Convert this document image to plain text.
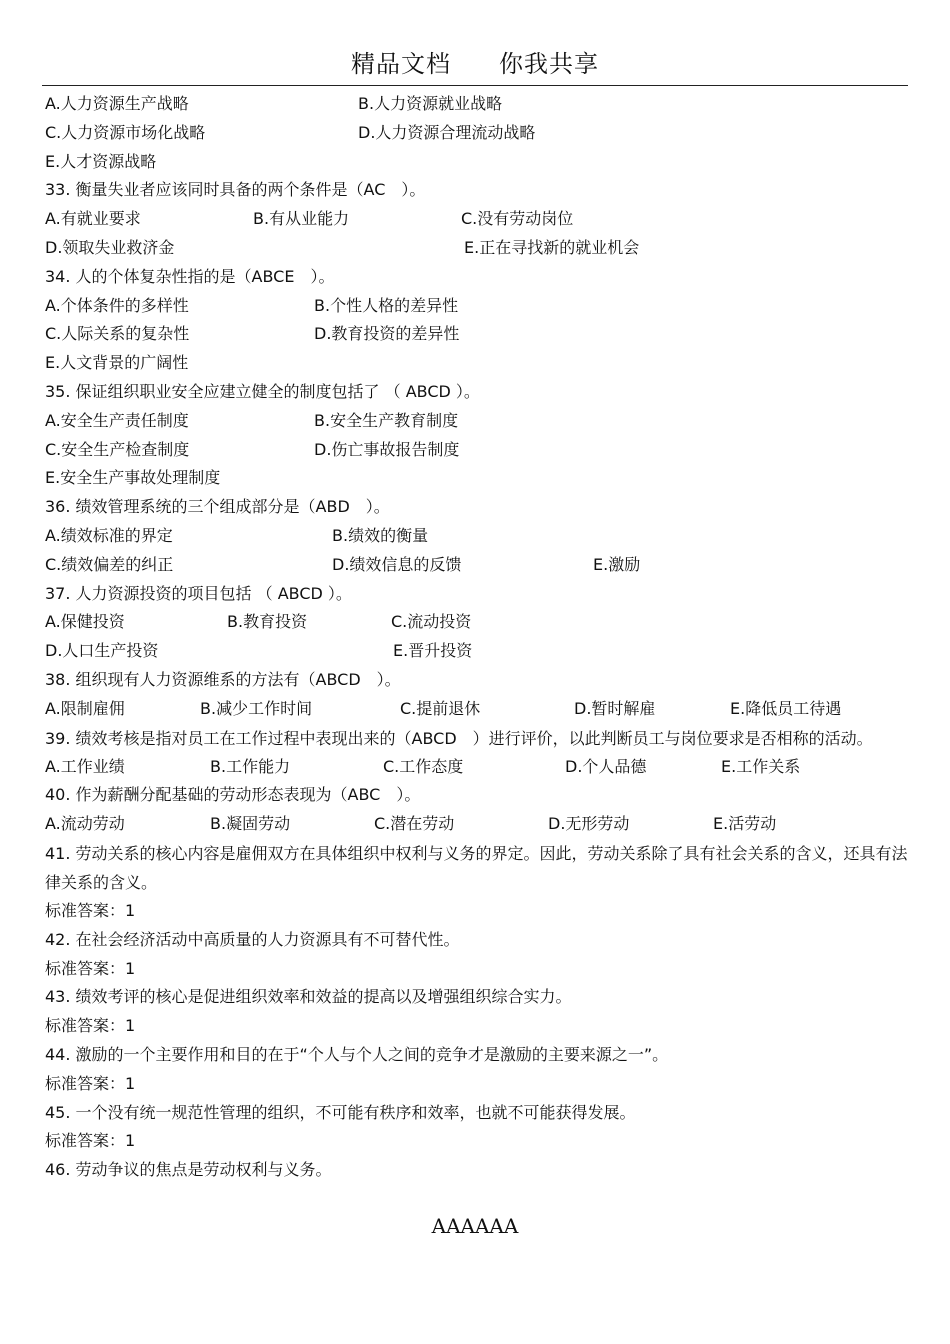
精品文档 你我共享
A.人力资源生产战略	B.人力资源就业战略
C.人力资源市场化战略	D.人力资源合理流动战略
E.人才资源战略
33. 衡量失业者应该同时具备的两个条件是（AC　）。
A.有就业要求	B.有从业能力	C.没有劳动岗位
D.领取失业救济金	E.正在寻找新的就业机会
34. 人的个体复杂性指的是（ABCE　）。
A.个体条件的多样性	B.个性人格的差异性
C.人际关系的复杂性	D.教育投资的差异性
E.人文背景的广阔性
35. 保证组织职业安全应建立健全的制度包括了 （ ABCD ）。
A.安全生产责任制度	B.安全生产教育制度
C.安全生产检查制度	D.伤亡事故报告制度
E.安全生产事故处理制度
36. 绩效管理系统的三个组成部分是（ABD　）。
A.绩效标准的界定	B.绩效的衡量
C.绩效偏差的纠正	D.绩效信息的反馈	E.激励
37. 人力资源投资的项目包括 （ ABCD ）。
A.保健投资	B.教育投资	C.流动投资
D.人口生产投资	E.晋升投资
38. 组织现有人力资源维系的方法有（ABCD　）。
A.限制雇佣	B.减少工作时间	C.提前退休	D.暂时解雇	E.降低员工待遇
39. 绩效考核是指对员工在工作过程中表现出来的（ABCD　）进行评价，以此判断员工与岗位要求是否相称的活动。
A.工作业绩	B.工作能力	C.工作态度	D.个人品德	E.工作关系
40. 作为薪酬分配基础的劳动形态表现为（ABC　）。
A.流动劳动	B.凝固劳动	C.潜在劳动	D.无形劳动	E.活劳动
41. 劳动关系的核心内容是雇佣双方在具体组织中权利与义务的界定。因此，劳动关系除了具有社会关系的含义，还具有法律关系的含义。
标准答案：1
42. 在社会经济活动中高质量的人力资源具有不可替代性。
标准答案：1
43. 绩效考评的核心是促进组织效率和效益的提高以及增强组织综合实力。
标准答案：1
44. 激励的一个主要作用和目的在于“个人与个人之间的竞争才是激励的主要来源之一”。
标准答案：1
45. 一个没有统一规范性管理的组织，不可能有秩序和效率，也就不可能获得发展。
标准答案：1
46. 劳动争议的焦点是劳动权利与义务。
AAAAAA
